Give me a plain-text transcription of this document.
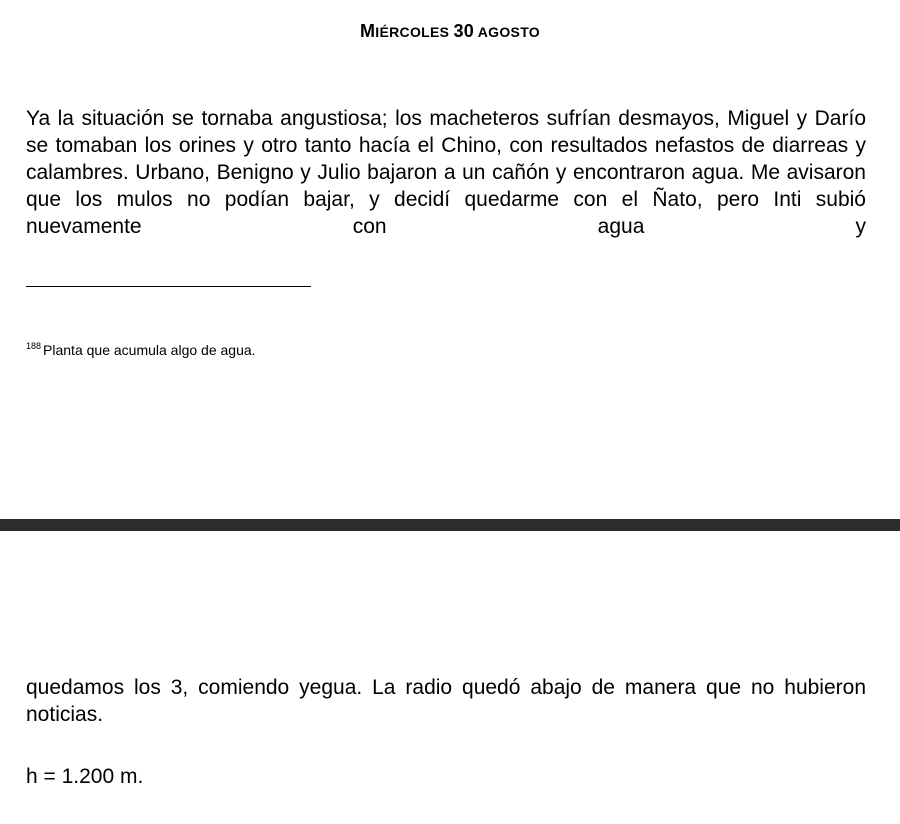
MIÉRCOLES 30 AGOSTO
Ya la situación se tornaba angustiosa; los macheteros sufrían desmayos, Miguel y Darío se tomaban los orines y otro tanto hacía el Chino, con resultados nefastos de diarreas y calambres. Urbano, Benigno y Julio bajaron a un cañón y encontraron agua. Me avisaron que los mulos no podían bajar, y decidí quedarme con el Ñato, pero Inti subió nuevamente con agua y
$^{188}$ Planta que acumula algo de agua.
quedamos los 3, comiendo yegua. La radio quedó abajo de manera que no hubieron noticias.
h = 1.200 m.
